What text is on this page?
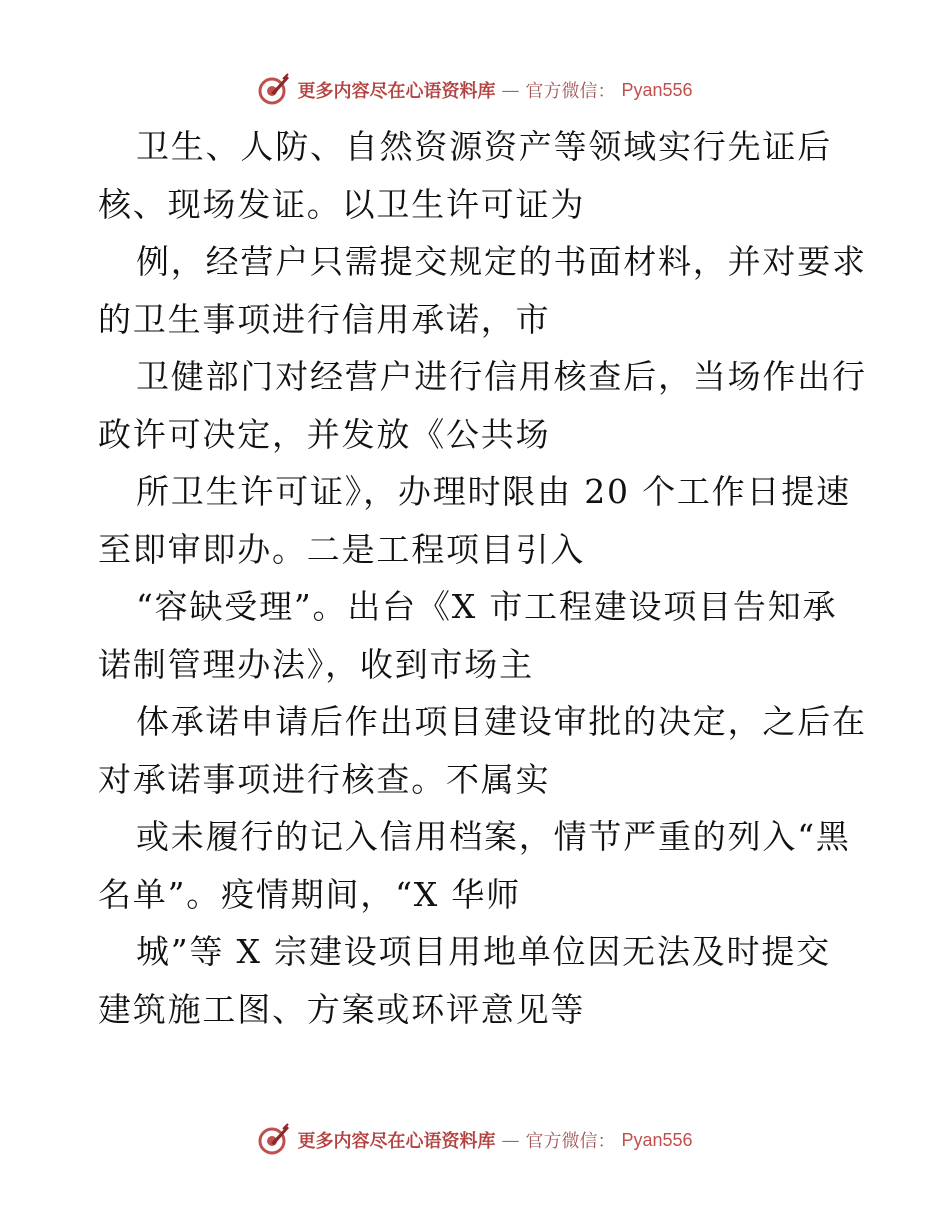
更多内容尽在心语资料库 — 官方微信： Pyan556
卫生、人防、自然资源资产等领域实行先证后
核、现场发证。以卫生许可证为
例，经营户只需提交规定的书面材料，并对要求
的卫生事项进行信用承诺，市
卫健部门对经营户进行信用核查后，当场作出行
政许可决定，并发放《公共场
所卫生许可证》，办理时限由 20 个工作日提速
至即审即办。二是工程项目引入
“容缺受理”。出台《X 市工程建设项目告知承
诺制管理办法》，收到市场主
体承诺申请后作出项目建设审批的决定，之后在
对承诺事项进行核查。不属实
或未履行的记入信用档案，情节严重的列入“黑
名单”。疫情期间，“X 华师
城”等 X 宗建设项目用地单位因无法及时提交
建筑施工图、方案或环评意见等
更多内容尽在心语资料库 — 官方微信： Pyan556
